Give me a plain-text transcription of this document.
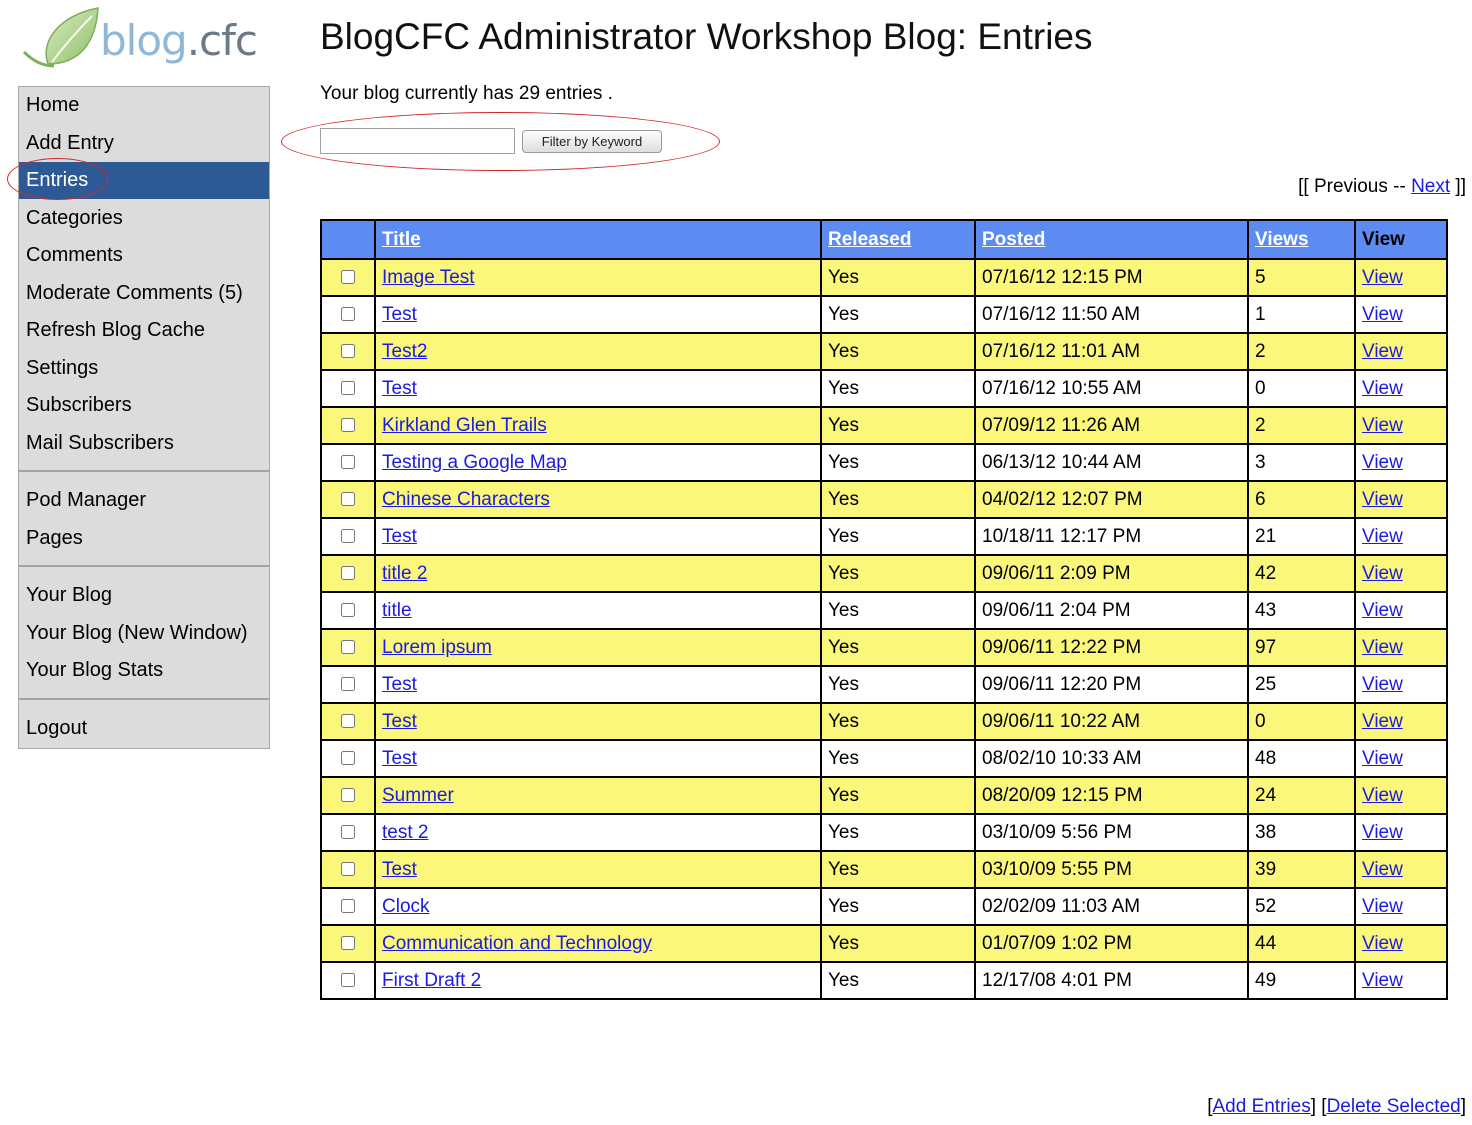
blog.cfc
Home
Add Entry
Entries
Categories
Comments
Moderate Comments (5)
Refresh Blog Cache
Settings
Subscribers
Mail Subscribers
Pod Manager
Pages
Your Blog
Your Blog (New Window)
Your Blog Stats
Logout
BlogCFC Administrator Workshop Blog: Entries
Your blog currently has 29 entries .
Filter by Keyword
[[ Previous -- Next ]]
	Title	Released	Posted	Views	View
	Image Test	Yes	07/16/12 12:15 PM	5	View
	Test	Yes	07/16/12 11:50 AM	1	View
	Test2	Yes	07/16/12 11:01 AM	2	View
	Test	Yes	07/16/12 10:55 AM	0	View
	Kirkland Glen Trails	Yes	07/09/12 11:26 AM	2	View
	Testing a Google Map	Yes	06/13/12 10:44 AM	3	View
	Chinese Characters	Yes	04/02/12 12:07 PM	6	View
	Test	Yes	10/18/11 12:17 PM	21	View
	title 2	Yes	09/06/11 2:09 PM	42	View
	title	Yes	09/06/11 2:04 PM	43	View
	Lorem ipsum	Yes	09/06/11 12:22 PM	97	View
	Test	Yes	09/06/11 12:20 PM	25	View
	Test	Yes	09/06/11 10:22 AM	0	View
	Test	Yes	08/02/10 10:33 AM	48	View
	Summer	Yes	08/20/09 12:15 PM	24	View
	test 2	Yes	03/10/09 5:56 PM	38	View
	Test	Yes	03/10/09 5:55 PM	39	View
	Clock	Yes	02/02/09 11:03 AM	52	View
	Communication and Technology	Yes	01/07/09 1:02 PM	44	View
	First Draft 2	Yes	12/17/08 4:01 PM	49	View
[Add Entries] [Delete Selected]
